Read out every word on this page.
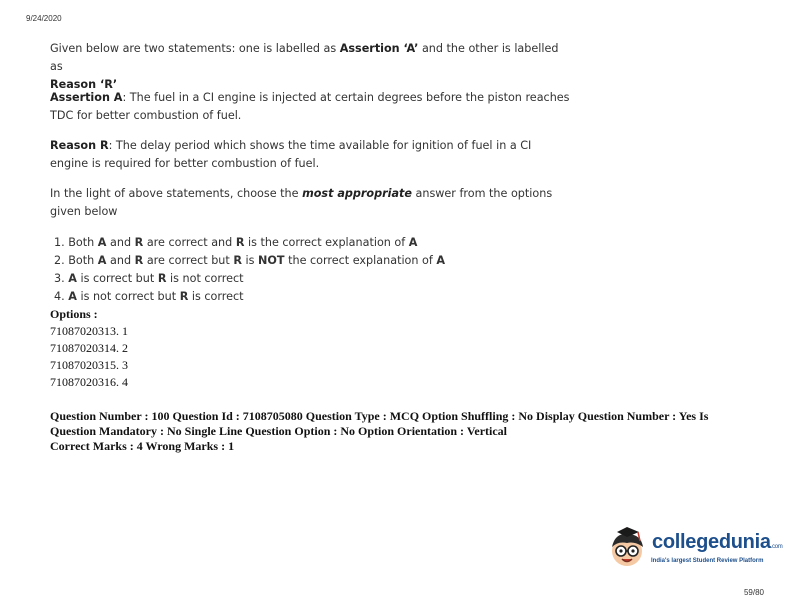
9/24/2020
Given below are two statements: one is labelled as Assertion ‘A’ and the other is labelled as
Reason ‘R’
Assertion A: The fuel in a CI engine is injected at certain degrees before the piston reaches TDC for better combustion of fuel.
Reason R: The delay period which shows the time available for ignition of fuel in a CI engine is required for better combustion of fuel.
In the light of above statements, choose the most appropriate answer from the options given below
1. Both A and R are correct and R is the correct explanation of A
2. Both A and R are correct but R is NOT the correct explanation of A
3. A is correct but R is not correct
4. A is not correct but R is correct
Options :
71087020313. 1
71087020314. 2
71087020315. 3
71087020316. 4
Question Number : 100 Question Id : 7108705080 Question Type : MCQ Option Shuffling : No Display Question Number : Yes Is Question Mandatory : No Single Line Question Option : No Option Orientation : Vertical
Correct Marks : 4 Wrong Marks : 1
collegedunia.com
India's largest Student Review Platform
59/80
